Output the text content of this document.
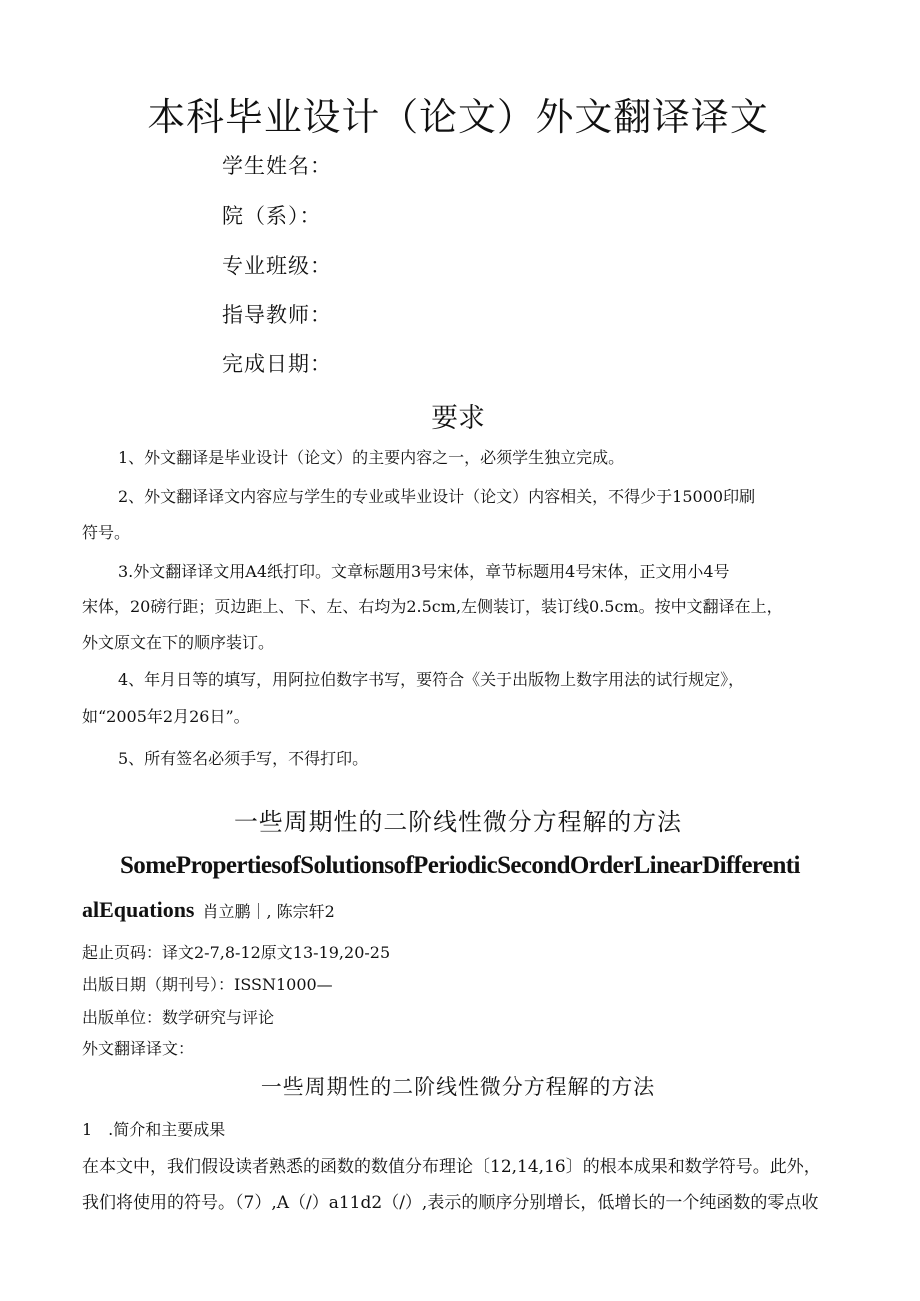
本科毕业设计（论文）外文翻译译文
学生姓名：
院（系）：
专业班级：
指导教师：
完成日期：
要求
1、外文翻译是毕业设计（论文）的主要内容之一，必须学生独立完成。
2、外文翻译译文内容应与学生的专业或毕业设计（论文）内容相关，不得少于15000印刷
符号。
3.外文翻译译文用A4纸打印。文章标题用3号宋体，章节标题用4号宋体，正文用小4号
宋体，20磅行距；页边距上、下、左、右均为2.5cm,左侧装订，装订线0.5cm。按中文翻译在上，
外文原文在下的顺序装订。
4、年月日等的填写，用阿拉伯数字书写，要符合《关于出版物上数字用法的试行规定》，
如“2005年2月26日”。
5、所有签名必须手写，不得打印。
一些周期性的二阶线性微分方程解的方法
SomePropertiesofSolutionsofPeriodicSecondOrderLinearDifferenti
alEquations 肖立鹏｜, 陈宗轩2
起止页码：译文2-7,8-12原文13-19,20-25
出版日期（期刊号）：ISSN1000—
出版单位：数学研究与评论
外文翻译译文：
一些周期性的二阶线性微分方程解的方法
1　.简介和主要成果
在本文中，我们假设读者熟悉的函数的数值分布理论〔12,14,16〕的根本成果和数学符号。此外，
我们将使用的符号。（7）,A（/）a11d2（/）,表示的顺序分别增长，低增长的一个纯函数的零点收
